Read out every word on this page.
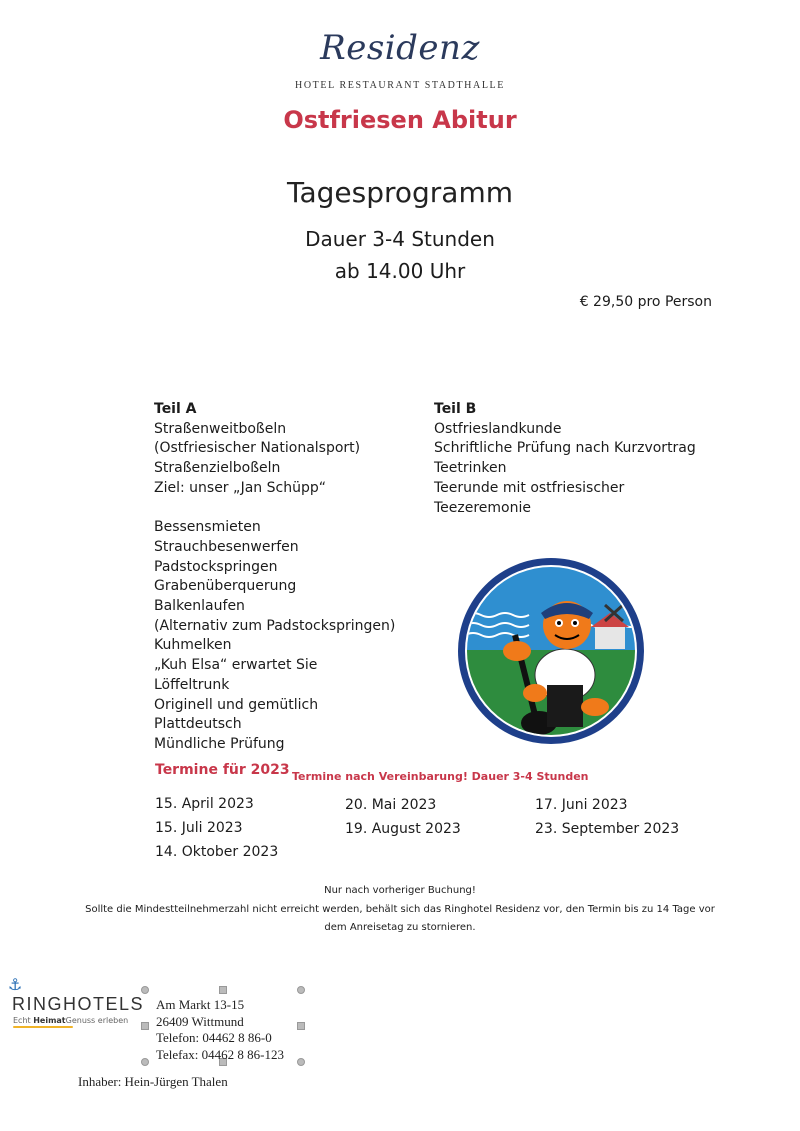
Residenz
HOTEL RESTAURANT STADTHALLE
Ostfriesen Abitur
Tagesprogramm
Dauer 3-4 Stunden
ab 14.00 Uhr
€ 29,50 pro Person
Teil A
Straßenweitboßeln
(Ostfriesischer Nationalsport)
Straßenzielboßeln
Ziel: unser „Jan Schüpp“
Bessensmieten
Strauchbesenwerfen
Padstockspringen
Grabenüberquerung
Balkenlaufen
(Alternativ zum Padstockspringen)
Kuhmelken
„Kuh Elsa“ erwartet Sie
Löffeltrunk
Originell und gemütlich
Plattdeutsch
Mündliche Prüfung
Teil B
Ostfrieslandkunde
Schriftliche Prüfung nach Kurzvortrag
Teetrinken
Teerunde mit ostfriesischer
Teezeremonie
Termine für 2023 Termine nach Vereinbarung! Dauer 3-4 Stunden
15. April 2023	20. Mai 2023	17. Juni 2023
15. Juli 2023	19. August 2023	23. September 2023
14. Oktober 2023
Nur nach vorheriger Buchung!
Sollte die Mindestteilnehmerzahl nicht erreicht werden, behält sich das Ringhotel Residenz vor, den Termin bis zu 14 Tage vor
dem Anreisetag zu stornieren.
⚓
RINGHOTELS
Echt HeimatGenuss erleben
Am Markt 13-15
26409 Wittmund
Telefon: 04462 8 86-0
Telefax: 04462 8 86-123
Inhaber: Hein-Jürgen Thalen
